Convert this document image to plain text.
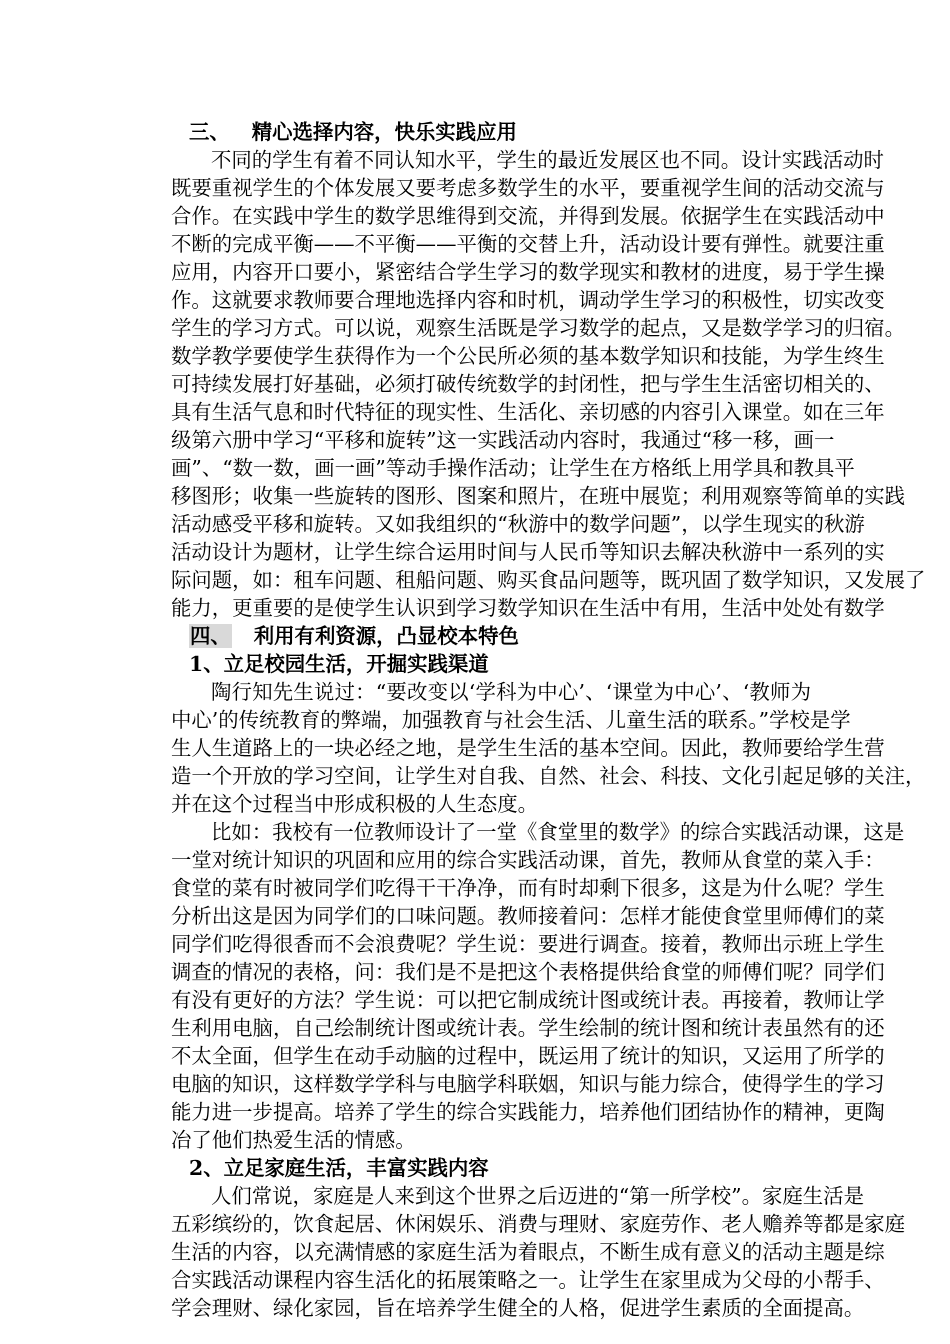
三、 精心选择内容，快乐实践应用
不同的学生有着不同认知水平，学生的最近发展区也不同。设计实践活动时
既要重视学生的个体发展又要考虑多数学生的水平，要重视学生间的活动交流与
合作。在实践中学生的数学思维得到交流，并得到发展。依据学生在实践活动中
不断的完成平衡——不平衡——平衡的交替上升，活动设计要有弹性。就要注重
应用，内容开口要小，紧密结合学生学习的数学现实和教材的进度，易于学生操
作。这就要求教师要合理地选择内容和时机，调动学生学习的积极性，切实改变
学生的学习方式。可以说，观察生活既是学习数学的起点，又是数学学习的归宿。
数学教学要使学生获得作为一个公民所必须的基本数学知识和技能，为学生终生
可持续发展打好基础，必须打破传统数学的封闭性，把与学生生活密切相关的、
具有生活气息和时代特征的现实性、生活化、亲切感的内容引入课堂。如在三年
级第六册中学习“平移和旋转”这一实践活动内容时，我通过“移一移，画一
画”、“数一数，画一画”等动手操作活动；让学生在方格纸上用学具和教具平
移图形；收集一些旋转的图形、图案和照片，在班中展览；利用观察等简单的实践
活动感受平移和旋转。又如我组织的“秋游中的数学问题”，以学生现实的秋游
活动设计为题材，让学生综合运用时间与人民币等知识去解决秋游中一系列的实
际问题，如：租车问题、租船问题、购买食品问题等，既巩固了数学知识，又发展了
能力，更重要的是使学生认识到学习数学知识在生活中有用，生活中处处有数学
四、 利用有利资源，凸显校本特色
1、立足校园生活，开掘实践渠道
陶行知先生说过：“要改变以‘学科为中心’、‘课堂为中心’、‘教师为
中心’的传统教育的弊端，加强教育与社会生活、儿童生活的联系。”学校是学
生人生道路上的一块必经之地，是学生生活的基本空间。因此，教师要给学生营
造一个开放的学习空间，让学生对自我、自然、社会、科技、文化引起足够的关注，
并在这个过程当中形成积极的人生态度。
比如：我校有一位教师设计了一堂《食堂里的数学》的综合实践活动课，这是
一堂对统计知识的巩固和应用的综合实践活动课，首先，教师从食堂的菜入手：
食堂的菜有时被同学们吃得干干净净，而有时却剩下很多，这是为什么呢？学生
分析出这是因为同学们的口味问题。教师接着问：怎样才能使食堂里师傅们的菜
同学们吃得很香而不会浪费呢？学生说：要进行调查。接着，教师出示班上学生
调查的情况的表格，问：我们是不是把这个表格提供给食堂的师傅们呢？同学们
有没有更好的方法？学生说：可以把它制成统计图或统计表。再接着，教师让学
生利用电脑，自己绘制统计图或统计表。学生绘制的统计图和统计表虽然有的还
不太全面，但学生在动手动脑的过程中，既运用了统计的知识，又运用了所学的
电脑的知识，这样数学学科与电脑学科联姻，知识与能力综合，使得学生的学习
能力进一步提高。培养了学生的综合实践能力，培养他们团结协作的精神，更陶
冶了他们热爱生活的情感。
2、立足家庭生活，丰富实践内容
人们常说，家庭是人来到这个世界之后迈进的“第一所学校”。家庭生活是
五彩缤纷的，饮食起居、休闲娱乐、消费与理财、家庭劳作、老人赡养等都是家庭
生活的内容，以充满情感的家庭生活为着眼点，不断生成有意义的活动主题是综
合实践活动课程内容生活化的拓展策略之一。让学生在家里成为父母的小帮手、
学会理财、绿化家园，旨在培养学生健全的人格，促进学生素质的全面提高。
